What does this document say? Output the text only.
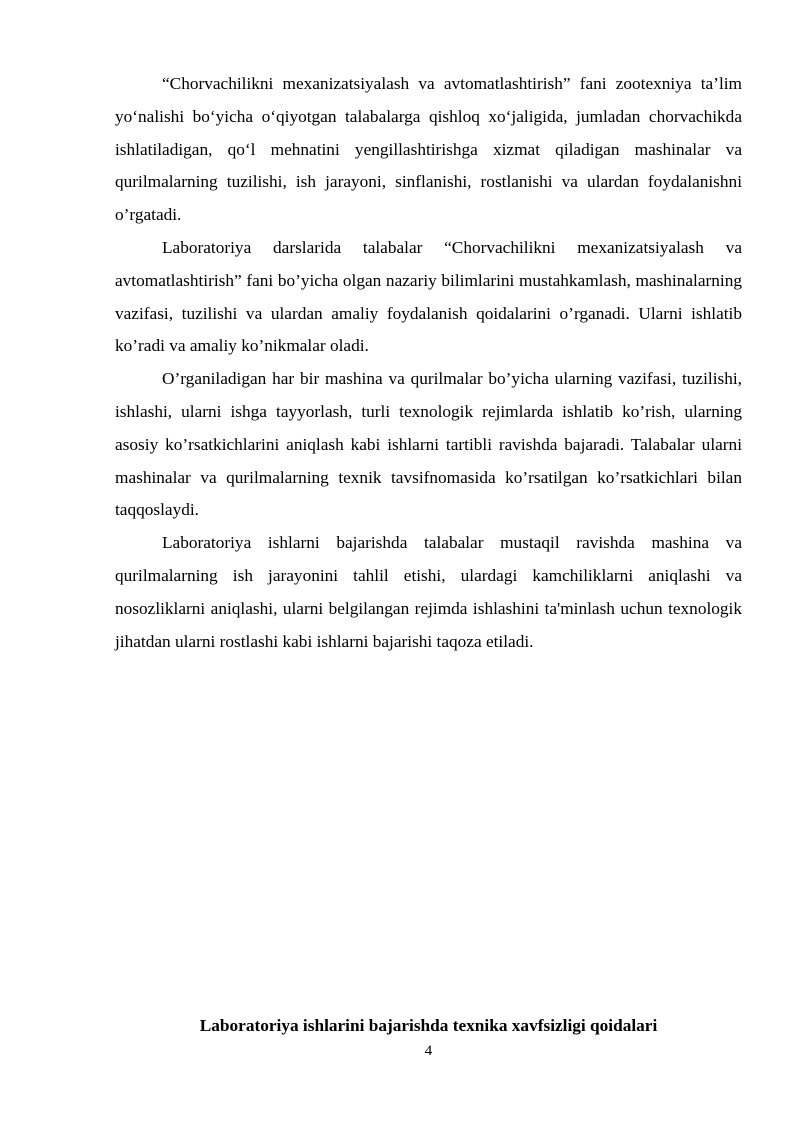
“Chorvachilikni mexanizatsiyalash va avtomatlashtirish” fani zootexniya ta’lim yo‘nalishi bo‘yicha o‘qiyotgan talabalarga qishloq xo‘jaligida, jumladan chorvachikda ishlatiladigan, qo‘l mehnatini yengillashtirishga xizmat qiladigan mashinalar va qurilmalarning tuzilishi, ish jarayoni, sinflanishi, rostlanishi va ulardan foydalanishni o’rgatadi.

Laboratoriya darslarida talabalar “Chorvachilikni mexanizatsiyalash va avtomatlashtirish” fani bo’yicha olgan nazariy bilimlarini mustahkamlash, mashinalarning vazifasi, tuzilishi va ulardan amaliy foydalanish qoidalarini o’rganadi. Ularni ishlatib ko’radi va amaliy ko’nikmalar oladi.

O’rganiladigan har bir mashina va qurilmalar bo’yicha ularning vazifasi, tuzilishi, ishlashi, ularni ishga tayyorlash, turli texnologik rejimlarda ishlatib ko’rish, ularning asosiy ko’rsatkichlarini aniqlash kabi ishlarni tartibli ravishda bajaradi. Talabalar ularni mashinalar va qurilmalarning texnik tavsifnomasida ko’rsatilgan ko’rsatkichlari bilan taqqoslaydi.

Laboratoriya ishlarni bajarishda talabalar mustaqil ravishda mashina va qurilmalarning ish jarayonini tahlil etishi, ulardagi kamchiliklarni aniqlashi va nosozliklarni aniqlashi, ularni belgilangan rejimda ishlashini ta'minlash uchun texnologik jihatdan ularni rostlashi kabi ishlarni bajarishi taqoza etiladi.

Laboratoriya ishlarini bajarishda texnika xavfsizligi qoidalari
4
